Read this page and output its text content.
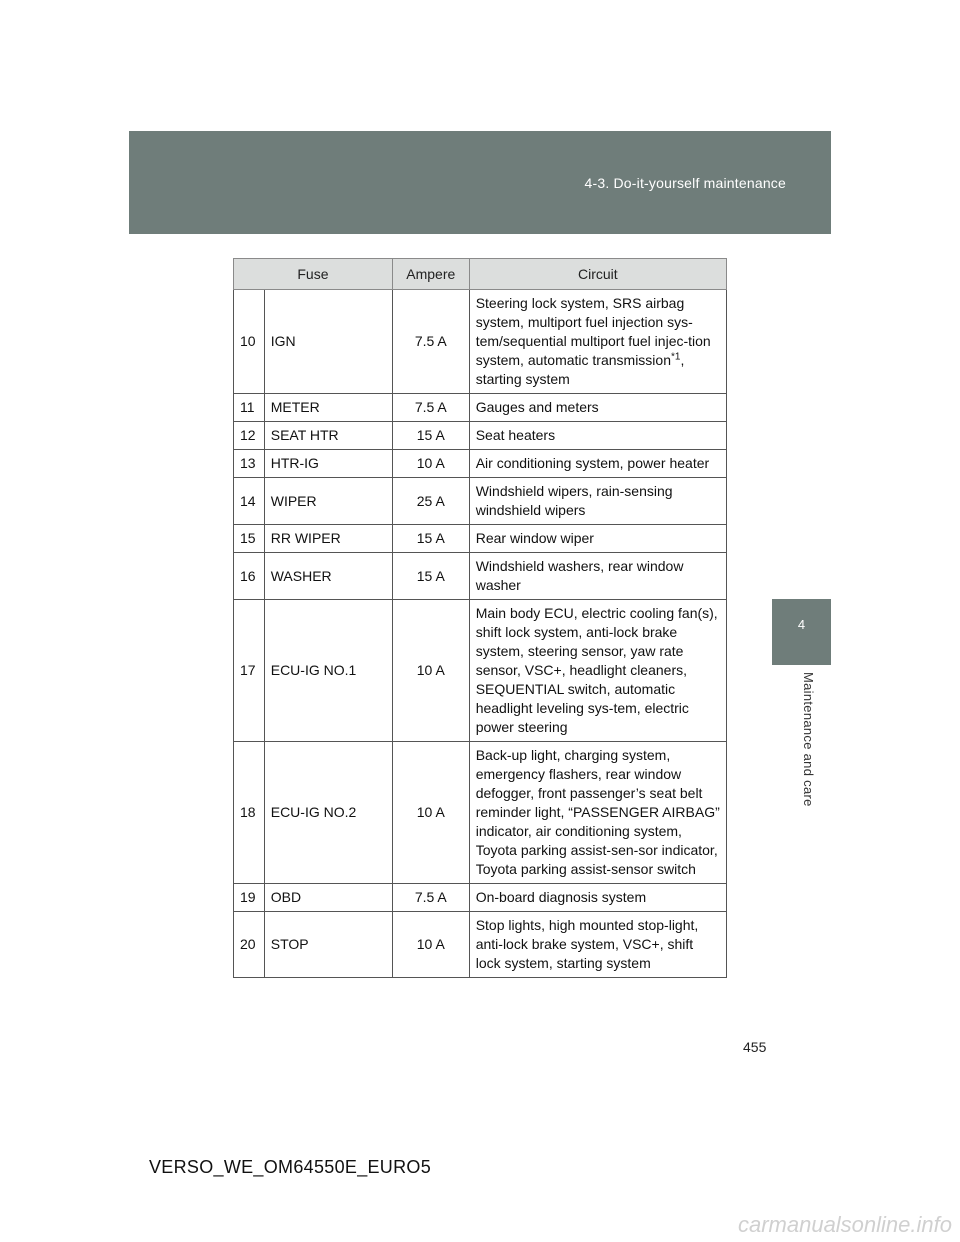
4-3. Do-it-yourself maintenance
4
Maintenance and care
Fuse		Ampere	Circuit
10	IGN	7.5 A	Steering lock system, SRS airbag system, multiport fuel injection sys-tem/sequential multiport fuel injec-tion system, automatic transmission$^{*1}$, starting system
11	METER	7.5 A	Gauges and meters
12	SEAT HTR	15 A	Seat heaters
13	HTR-IG	10 A	Air conditioning system, power heater
14	WIPER	25 A	Windshield wipers, rain-sensing windshield wipers
15	RR WIPER	15 A	Rear window wiper
16	WASHER	15 A	Windshield washers, rear window washer
17	ECU-IG NO.1	10 A	Main body ECU, electric cooling fan(s), shift lock system, anti-lock brake system, steering sensor, yaw rate sensor, VSC+, headlight cleaners, SEQUENTIAL switch, automatic headlight leveling sys-tem, electric power steering
18	ECU-IG NO.2	10 A	Back-up light, charging system, emergency flashers, rear window defogger, front passenger’s seat belt reminder light, “PASSENGER AIRBAG” indicator, air conditioning system, Toyota parking assist-sen-sor indicator, Toyota parking assist-sensor switch
19	OBD	7.5 A	On-board diagnosis system
20	STOP	10 A	Stop lights, high mounted stop-light, anti-lock brake system, VSC+, shift lock system, starting system
455
VERSO_WE_OM64550E_EURO5
carmanualsonline.info
